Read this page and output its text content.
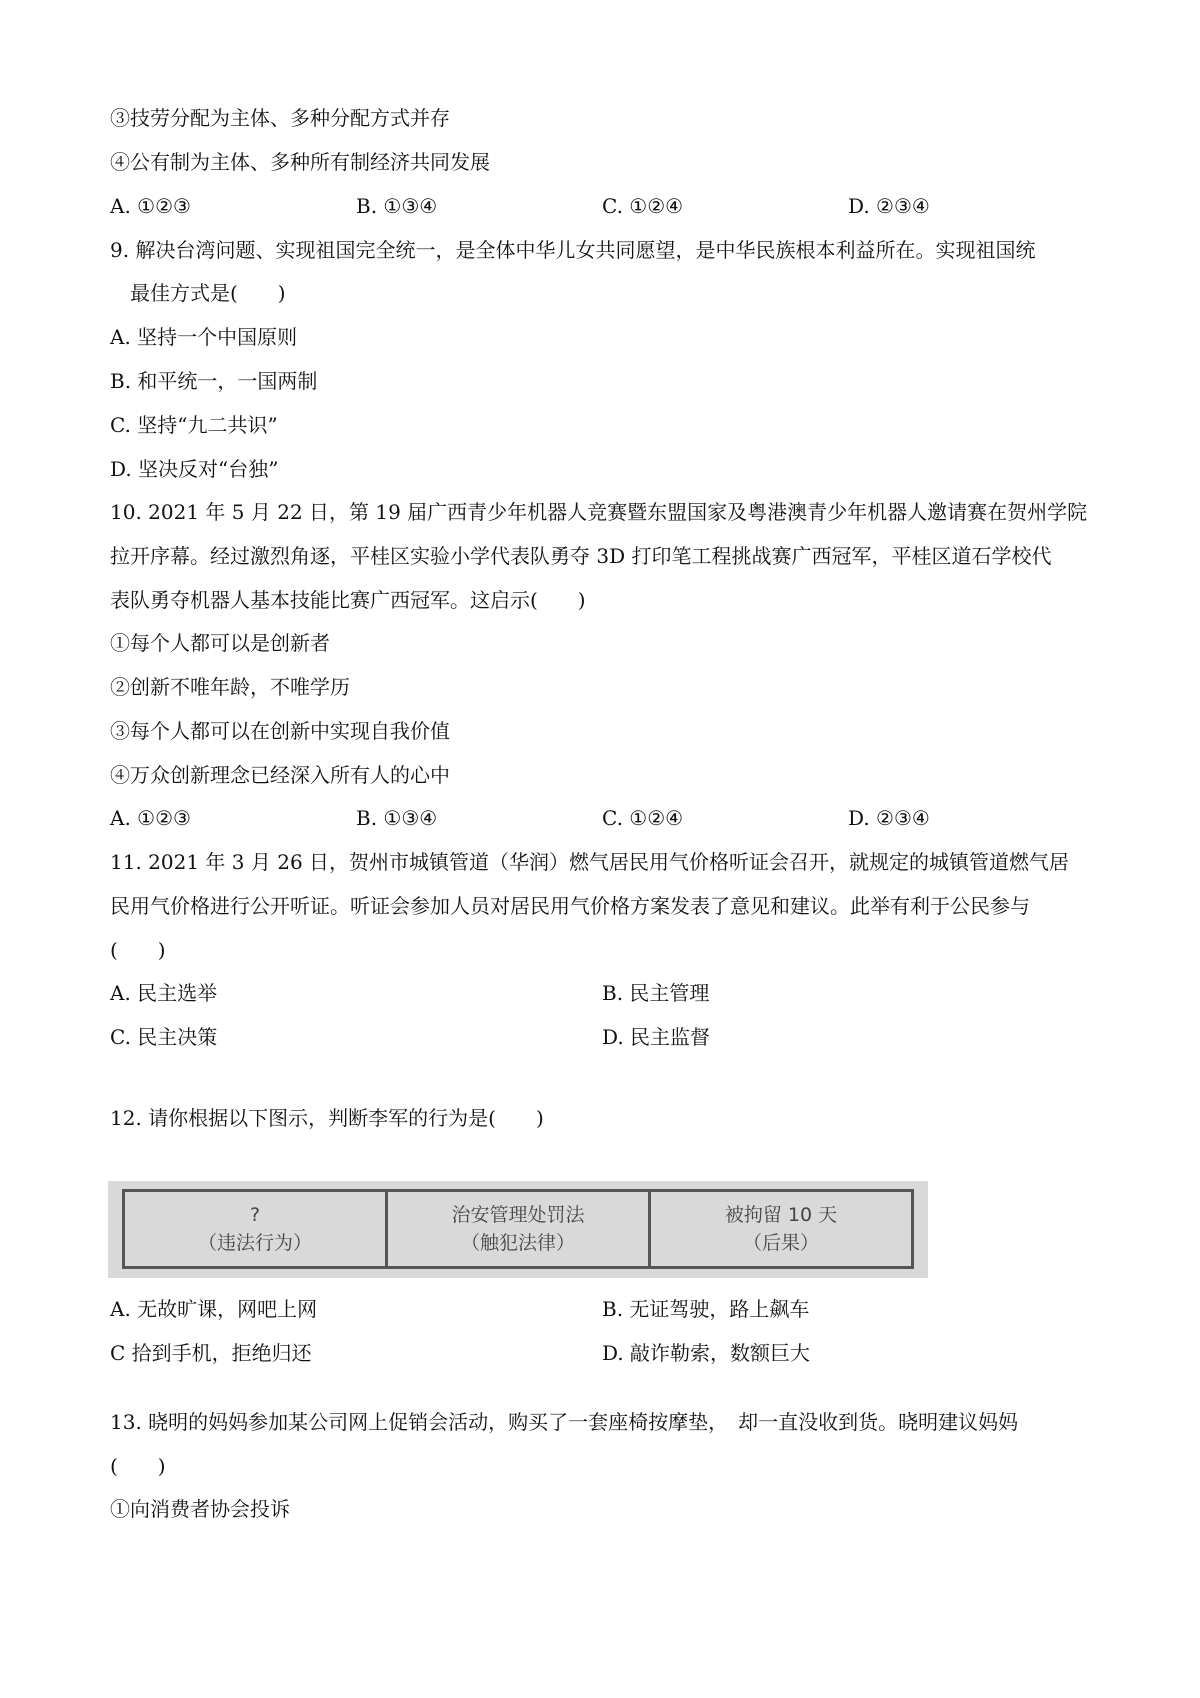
③技劳分配为主体、多种分配方式并存
④公有制为主体、多种所有制经济共同发展
A. ①②③	B. ①③④	C. ①②④	D. ②③④
9. 解决台湾问题、实现祖国完全统一，是全体中华儿女共同愿望，是中华民族根本利益所在。实现祖国统
最佳方式是(　　)
A. 坚持一个中国原则
B. 和平统一，一国两制
C. 坚持“九二共识”
D. 坚决反对“台独”
10. 2021 年 5 月 22 日，第 19 届广西青少年机器人竞赛暨东盟国家及粤港澳青少年机器人邀请赛在贺州学院
拉开序幕。经过激烈角逐，平桂区实验小学代表队勇夺 3D 打印笔工程挑战赛广西冠军，平桂区道石学校代
表队勇夺机器人基本技能比赛广西冠军。这启示(　　)
①每个人都可以是创新者
②创新不唯年龄，不唯学历
③每个人都可以在创新中实现自我价值
④万众创新理念已经深入所有人的心中
A. ①②③	B. ①③④	C. ①②④	D. ②③④
11. 2021 年 3 月 26 日，贺州市城镇管道（华润）燃气居民用气价格听证会召开，就规定的城镇管道燃气居
民用气价格进行公开听证。听证会参加人员对居民用气价格方案发表了意见和建议。此举有利于公民参与
(　　)
A. 民主选举	B. 民主管理
C. 民主决策	D. 民主监督
12. 请你根据以下图示，判断李军的行为是(　　)
?
（违法行为）
治安管理处罚法
（触犯法律）
被拘留 10 天
（后果）
A. 无故旷课，网吧上网	B. 无证驾驶，路上飙车
C 拾到手机，拒绝归还	D. 敲诈勒索，数额巨大
13. 晓明的妈妈参加某公司网上促销会活动，购买了一套座椅按摩垫，　却一直没收到货。晓明建议妈妈
(　　)
①向消费者协会投诉
